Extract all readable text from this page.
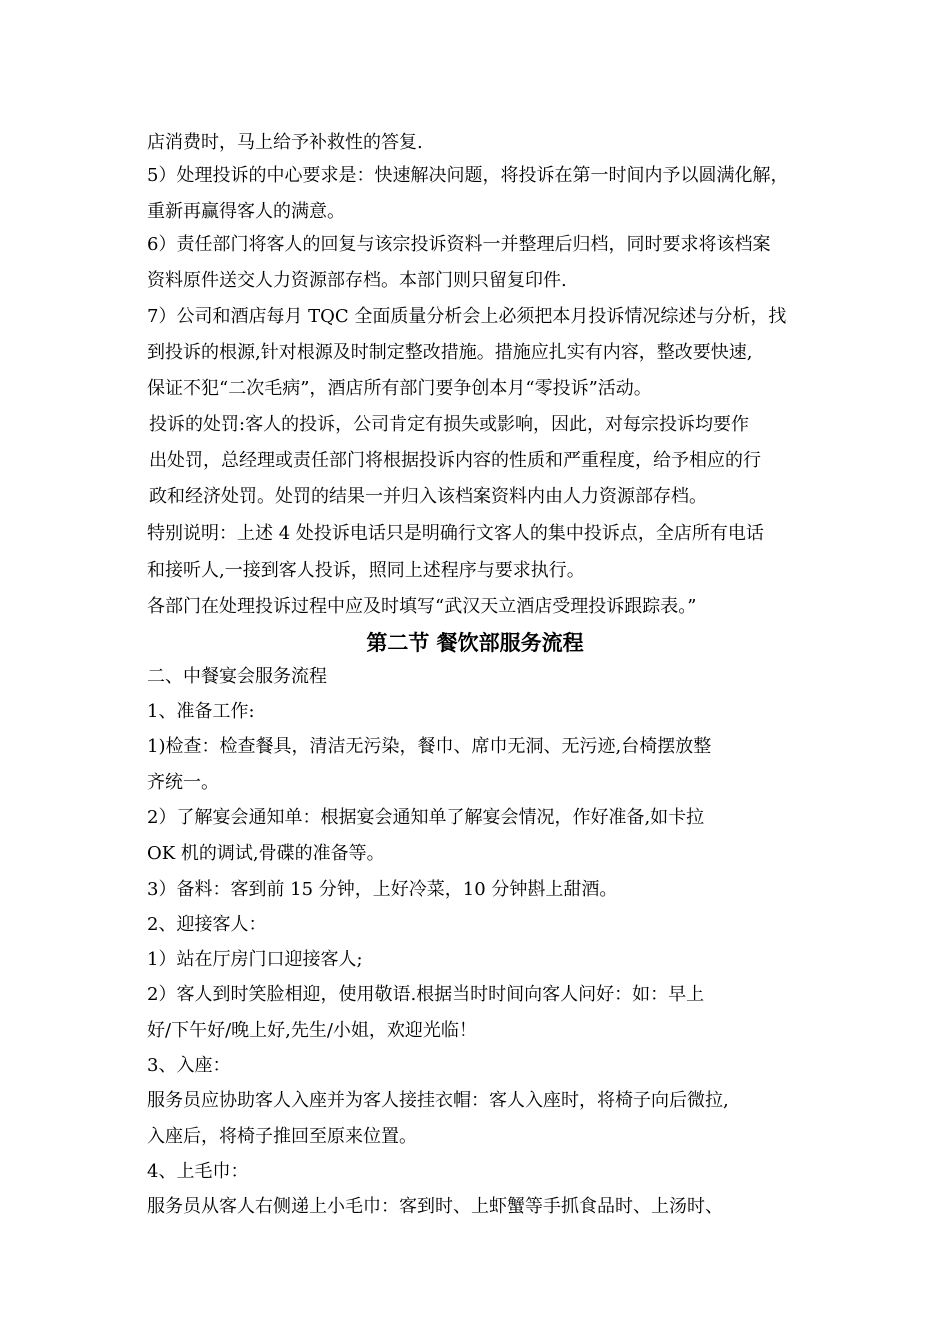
店消费时，马上给予补救性的答复.
5）处理投诉的中心要求是：快速解决问题，将投诉在第一时间内予以圆满化解，
重新再赢得客人的满意。
6）责任部门将客人的回复与该宗投诉资料一并整理后归档，同时要求将该档案
资料原件送交人力资源部存档。本部门则只留复印件.
7）公司和酒店每月 TQC 全面质量分析会上必须把本月投诉情况综述与分析，找
到投诉的根源,针对根源及时制定整改措施。措施应扎实有内容，整改要快速,
保证不犯“二次毛病”，酒店所有部门要争创本月“零投诉”活动。
投诉的处罚:客人的投诉，公司肯定有损失或影响，因此，对每宗投诉均要作
出处罚，总经理或责任部门将根据投诉内容的性质和严重程度，给予相应的行
政和经济处罚。处罚的结果一并归入该档案资料内由人力资源部存档。
特别说明：上述 4 处投诉电话只是明确行文客人的集中投诉点，全店所有电话
和接听人,一接到客人投诉，照同上述程序与要求执行。
各部门在处理投诉过程中应及时填写“武汉天立酒店受理投诉跟踪表。”
第二节 餐饮部服务流程
二、中餐宴会服务流程
1、准备工作:
1)检查：检查餐具，清洁无污染，餐巾、席巾无洞、无污迹,台椅摆放整
齐统一。
2）了解宴会通知单：根据宴会通知单了解宴会情况，作好准备,如卡拉
OK 机的调试,骨碟的准备等。
3）备料：客到前 15 分钟，上好冷菜，10 分钟斟上甜酒。
2、迎接客人：
1）站在厅房门口迎接客人;
2）客人到时笑脸相迎，使用敬语.根据当时时间向客人问好：如：早上
好/下午好/晚上好,先生/小姐，欢迎光临！
3、入座：
服务员应协助客人入座并为客人接挂衣帽：客人入座时，将椅子向后微拉,
入座后，将椅子推回至原来位置。
4、上毛巾：
服务员从客人右侧递上小毛巾：客到时、上虾蟹等手抓食品时、上汤时、
